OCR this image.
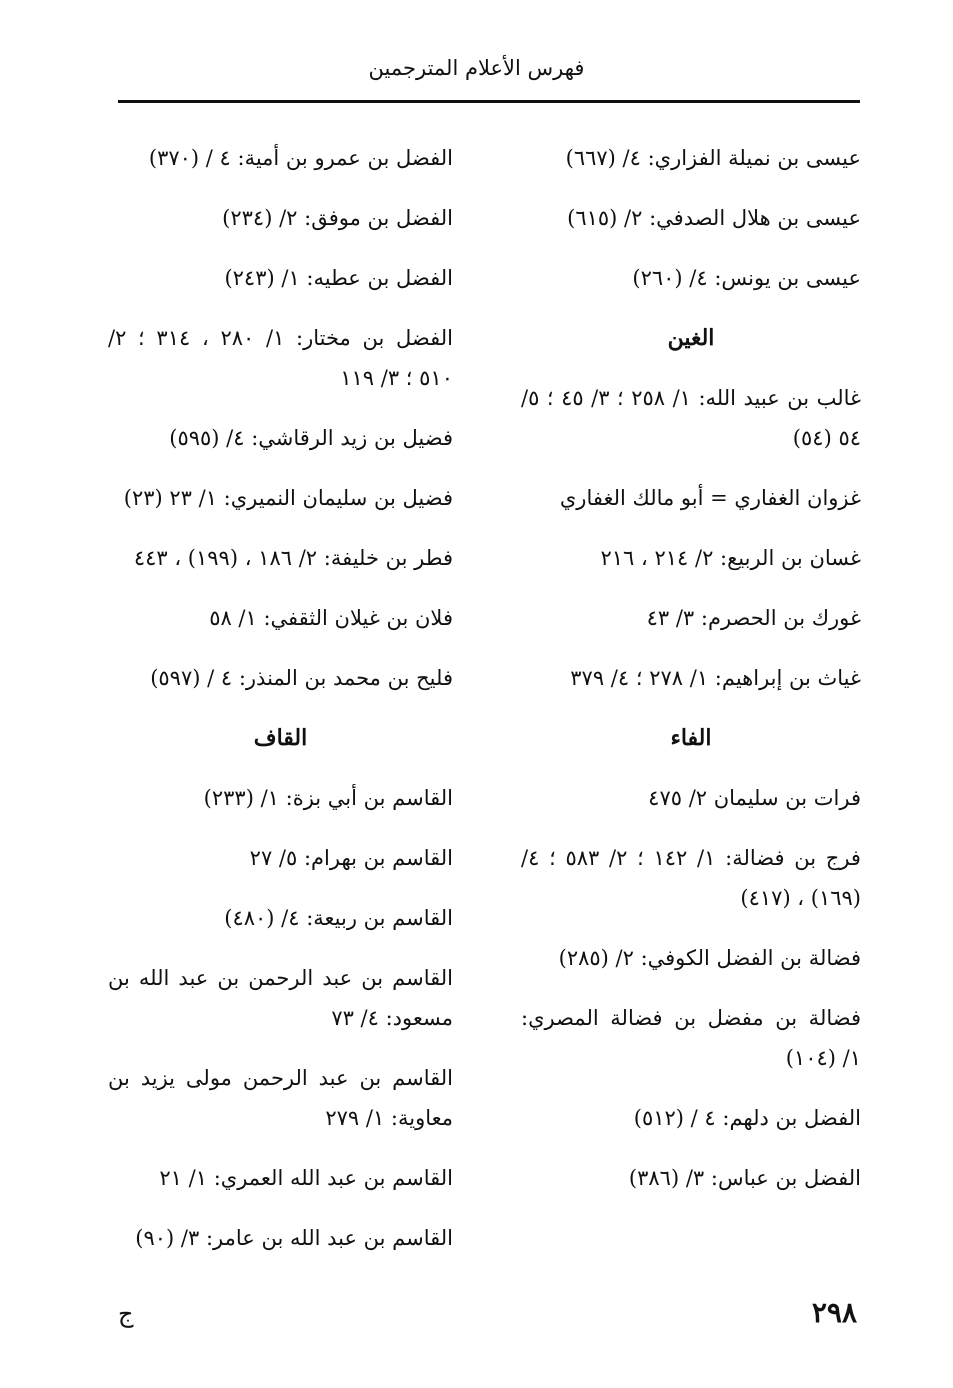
فهرس الأعلام المترجمين
عيسى بن نميلة الفزاري: ٤/ (٦٦٧)
عيسى بن هلال الصدفي: ٢/ (٦١٥)
عيسى بن يونس: ٤/ (٢٦٠)
الغين
غالب بن عبيد الله: ١/ ٢٥٨ ؛ ٣/ ٤٥ ؛ ٥/ ٥٤ (٥٤)
غزوان الغفاري = أبو مالك الغفاري
غسان بن الربيع: ٢/ ٢١٤ ، ٢١٦
غورك بن الحصرم: ٣/ ٤٣
غياث بن إبراهيم: ١/ ٢٧٨ ؛ ٤/ ٣٧٩
الفاء
فرات بن سليمان ٢/ ٤٧٥
فرج بن فضالة: ١/ ١٤٢ ؛ ٢/ ٥٨٣ ؛ ٤/ (١٦٩) ، (٤١٧)
فضالة بن الفضل الكوفي: ٢/ (٢٨٥)
فضالة بن مفضل بن فضالة المصري: ١/ (١٠٤)
الفضل بن دلهم: ٤ / (٥١٢)
الفضل بن عباس: ٣/ (٣٨٦)
الفضل بن عمرو بن أمية: ٤ / (٣٧٠)
الفضل بن موفق: ٢/ (٢٣٤)
الفضل بن عطيه: ١/ (٢٤٣)
الفضل بن مختار: ١/ ٢٨٠ ، ٣١٤ ؛ ٢/ ٥١٠ ؛ ٣/ ١١٩
فضيل بن زيد الرقاشي: ٤/ (٥٩٥)
فضيل بن سليمان النميري: ١/ ٢٣ (٢٣)
فطر بن خليفة: ٢/ ١٨٦ ، (١٩٩) ، ٤٤٣
فلان بن غيلان الثقفي: ١/ ٥٨
فليح بن محمد بن المنذر: ٤ / (٥٩٧)
القاف
القاسم بن أبي بزة: ١/ (٢٣٣)
القاسم بن بهرام: ٥/ ٢٧
القاسم بن ربيعة: ٤/ (٤٨٠)
القاسم بن عبد الرحمن بن عبد الله بن مسعود: ٤/ ٧٣
القاسم بن عبد الرحمن مولى يزيد بن معاوية: ١/ ٢٧٩
القاسم بن عبد الله العمري: ١/ ٢١
القاسم بن عبد الله بن عامر: ٣/ (٩٠)
٢٩٨
ج
